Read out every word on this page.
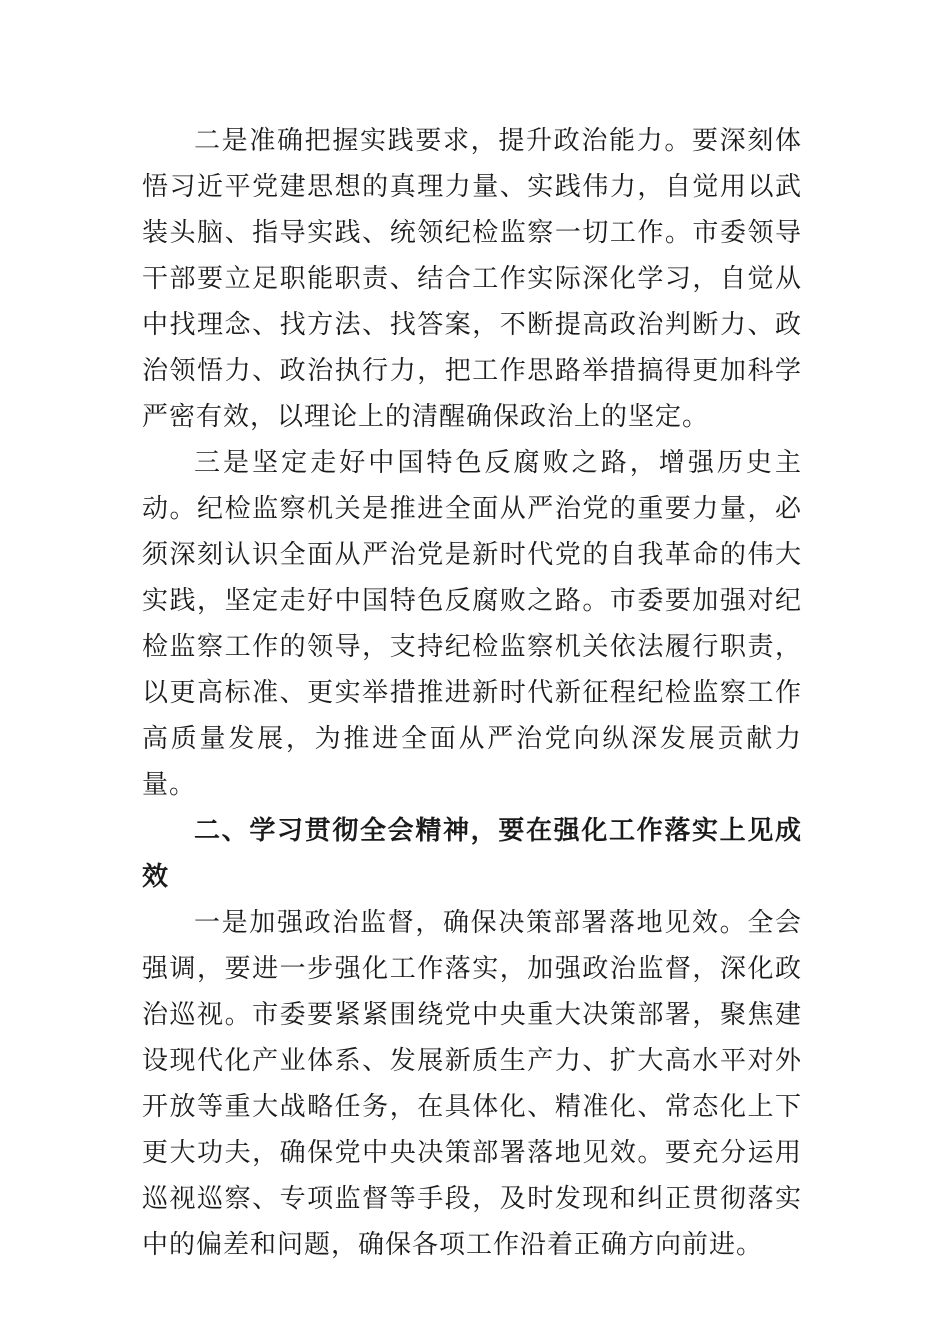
二是准确把握实践要求，提升政治能力。要深刻体悟习近平党建思想的真理力量、实践伟力，自觉用以武装头脑、指导实践、统领纪检监察一切工作。市委领导干部要立足职能职责、结合工作实际深化学习，自觉从中找理念、找方法、找答案，不断提高政治判断力、政治领悟力、政治执行力，把工作思路举措搞得更加科学严密有效，以理论上的清醒确保政治上的坚定。

三是坚定走好中国特色反腐败之路，增强历史主动。纪检监察机关是推进全面从严治党的重要力量，必须深刻认识全面从严治党是新时代党的自我革命的伟大实践，坚定走好中国特色反腐败之路。市委要加强对纪检监察工作的领导，支持纪检监察机关依法履行职责，以更高标准、更实举措推进新时代新征程纪检监察工作高质量发展，为推进全面从严治党向纵深发展贡献力量。

二、学习贯彻全会精神，要在强化工作落实上见成效

一是加强政治监督，确保决策部署落地见效。全会强调，要进一步强化工作落实，加强政治监督，深化政治巡视。市委要紧紧围绕党中央重大决策部署，聚焦建设现代化产业体系、发展新质生产力、扩大高水平对外开放等重大战略任务，在具体化、精准化、常态化上下更大功夫，确保党中央决策部署落地见效。要充分运用巡视巡察、专项监督等手段，及时发现和纠正贯彻落实中的偏差和问题，确保各项工作沿着正确方向前进。
